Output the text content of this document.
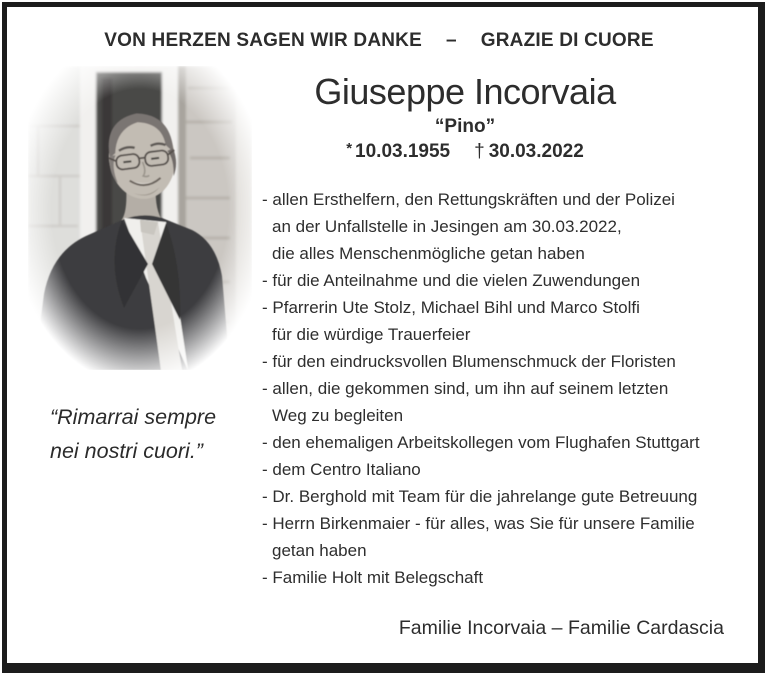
VON HERZEN SAGEN WIR DANKE – GRAZIE DI CUORE
Giuseppe Incorvaia
“Pino”
* 10.03.1955 † 30.03.2022
- allen Ersthelfern, den Rettungskräften und der Polizei
an der Unfallstelle in Jesingen am 30.03.2022,
die alles Menschenmögliche getan haben
- für die Anteilnahme und die vielen Zuwendungen
- Pfarrerin Ute Stolz, Michael Bihl und Marco Stolfi
für die würdige Trauerfeier
- für den eindrucksvollen Blumenschmuck der Floristen
- allen, die gekommen sind, um ihn auf seinem letzten
Weg zu begleiten
- den ehemaligen Arbeitskollegen vom Flughafen Stuttgart
- dem Centro Italiano
- Dr. Berghold mit Team für die jahrelange gute Betreuung
- Herrn Birkenmaier - für alles, was Sie für unsere Familie
getan haben
- Familie Holt mit Belegschaft
“Rimarrai sempre
nei nostri cuori.”
Familie Incorvaia – Familie Cardascia
